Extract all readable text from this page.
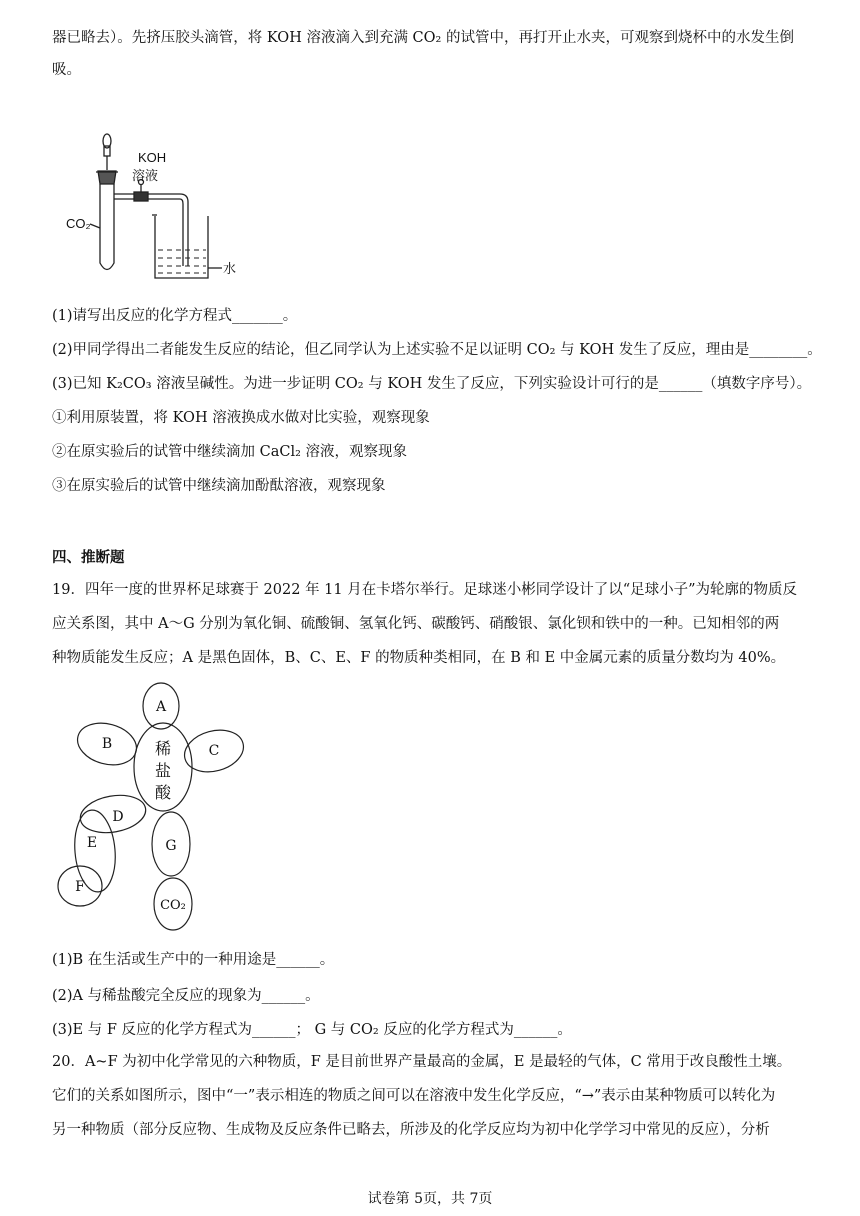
器已略去）。先挤压胶头滴管，将 KOH 溶液滴入到充满 CO₂ 的试管中，再打开止水夹，可观察到烧杯中的水发生倒
吸。
KOH
溶液
CO₂
水
(1)请写出反应的化学方程式_______。
(2)甲同学得出二者能发生反应的结论，但乙同学认为上述实验不足以证明 CO₂ 与 KOH 发生了反应，理由是________。
(3)已知 K₂CO₃ 溶液呈碱性。为进一步证明 CO₂ 与 KOH 发生了反应，下列实验设计可行的是______（填数字序号）。
①利用原装置，将 KOH 溶液换成水做对比实验，观察现象
②在原实验后的试管中继续滴加 CaCl₂ 溶液，观察现象
③在原实验后的试管中继续滴加酚酞溶液，观察现象
四、推断题
19．四年一度的世界杯足球赛于 2022 年 11 月在卡塔尔举行。足球迷小彬同学设计了以“足球小子”为轮廓的物质反
应关系图，其中 A～G 分别为氧化铜、硫酸铜、氢氧化钙、碳酸钙、硝酸银、氯化钡和铁中的一种。已知相邻的两
种物质能发生反应；A 是黑色固体，B、C、E、F 的物质种类相同，在 B 和 E 中金属元素的质量分数均为 40%。
A
B	C
D
E
F
G
稀
盐
酸
CO₂
(1)B 在生活或生产中的一种用途是______。
(2)A 与稀盐酸完全反应的现象为______。
(3)E 与 F 反应的化学方程式为______； G 与 CO₂ 反应的化学方程式为______。
20．A~F 为初中化学常见的六种物质，F 是目前世界产量最高的金属，E 是最轻的气体，C 常用于改良酸性土壤。
它们的关系如图所示，图中“一”表示相连的物质之间可以在溶液中发生化学反应，“→”表示由某种物质可以转化为
另一种物质（部分反应物、生成物及反应条件已略去，所涉及的化学反应均为初中化学学习中常见的反应），分析
试卷第 5页，共 7页
